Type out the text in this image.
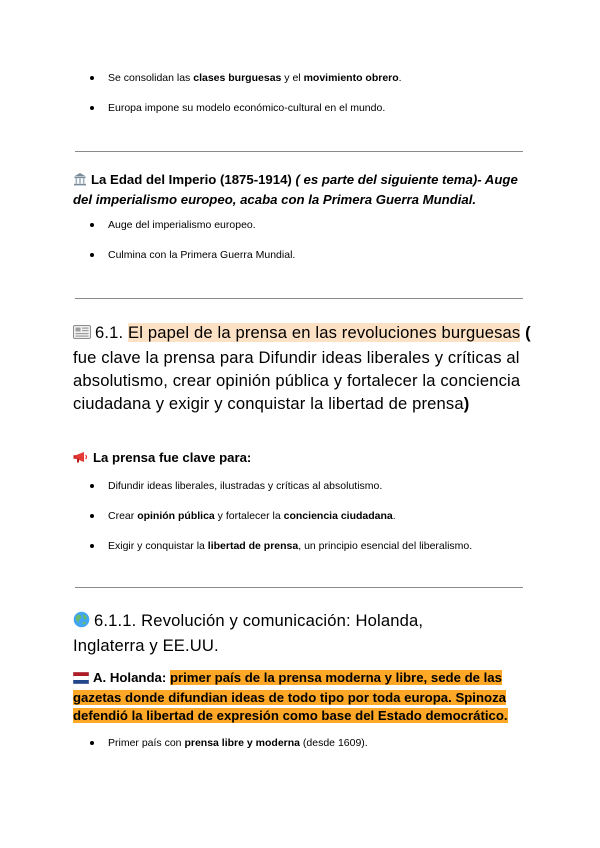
Se consolidan las clases burguesas y el movimiento obrero.
Europa impone su modelo económico-cultural en el mundo.
La Edad del Imperio (1875-1914) ( es parte del siguiente tema)- Auge del imperialismo europeo, acaba con la Primera Guerra Mundial.
Auge del imperialismo europeo.
Culmina con la Primera Guerra Mundial.
6.1. El papel de la prensa en las revoluciones burguesas ( fue clave la prensa para Difundir ideas liberales y críticas al absolutismo, crear opinión pública y fortalecer la conciencia ciudadana y exigir y conquistar la libertad de prensa)
La prensa fue clave para:
Difundir ideas liberales, ilustradas y críticas al absolutismo.
Crear opinión pública y fortalecer la conciencia ciudadana.
Exigir y conquistar la libertad de prensa, un principio esencial del liberalismo.
6.1.1. Revolución y comunicación: Holanda,
Inglaterra y EE.UU.
A. Holanda: primer país de la prensa moderna y libre, sede de las
gazetas donde difundian ideas de todo tipo por toda europa. Spinoza
defendió la libertad de expresión como base del Estado democrático.
Primer país con prensa libre y moderna (desde 1609).
